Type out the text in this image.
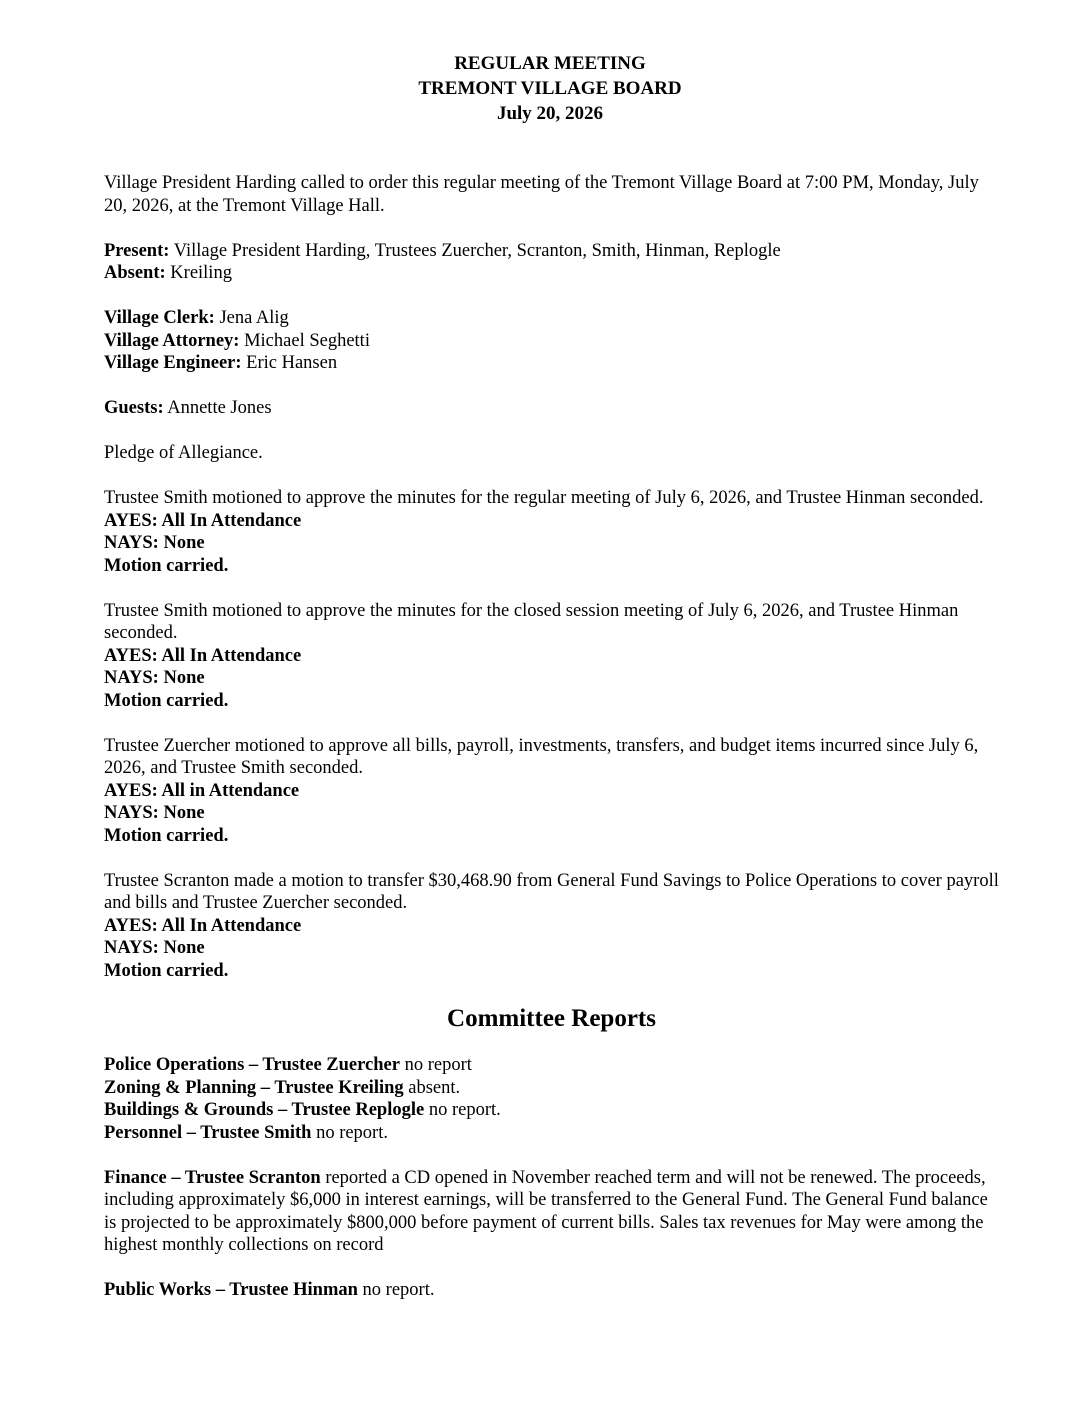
REGULAR MEETING
TREMONT VILLAGE BOARD
July 20, 2026

Village President Harding called to order this regular meeting of the Tremont Village Board at 7:00 PM, Monday, July 20, 2026, at the Tremont Village Hall.

Present: Village President Harding, Trustees Zuercher, Scranton, Smith, Hinman, Replogle

Absent: Kreiling

Village Clerk: Jena Alig

Village Attorney: Michael Seghetti

Village Engineer: Eric Hansen

Guests: Annette Jones

Pledge of Allegiance.

Trustee Smith motioned to approve the minutes for the regular meeting of July 6, 2026, and Trustee Hinman seconded.

AYES: All In Attendance

NAYS: None

Motion carried.

Trustee Smith motioned to approve the minutes for the closed session meeting of July 6, 2026, and Trustee Hinman seconded.

AYES: All In Attendance

NAYS: None

Motion carried.

Trustee Zuercher motioned to approve all bills, payroll, investments, transfers, and budget items incurred since July 6, 2026, and Trustee Smith seconded.

AYES: All in Attendance

NAYS: None

Motion carried.

Trustee Scranton made a motion to transfer $30,468.90 from General Fund Savings to Police Operations to cover payroll and bills and Trustee Zuercher seconded.

AYES: All In Attendance

NAYS: None

Motion carried.

Committee Reports

Police Operations – Trustee Zuercher no report

Zoning & Planning – Trustee Kreiling absent.

Buildings & Grounds – Trustee Replogle no report.

Personnel – Trustee Smith no report.

Finance – Trustee Scranton reported a CD opened in November reached term and will not be renewed. The proceeds, including approximately $6,000 in interest earnings, will be transferred to the General Fund. The General Fund balance is projected to be approximately $800,000 before payment of current bills. Sales tax revenues for May were among the highest monthly collections on record

Public Works – Trustee Hinman no report.
